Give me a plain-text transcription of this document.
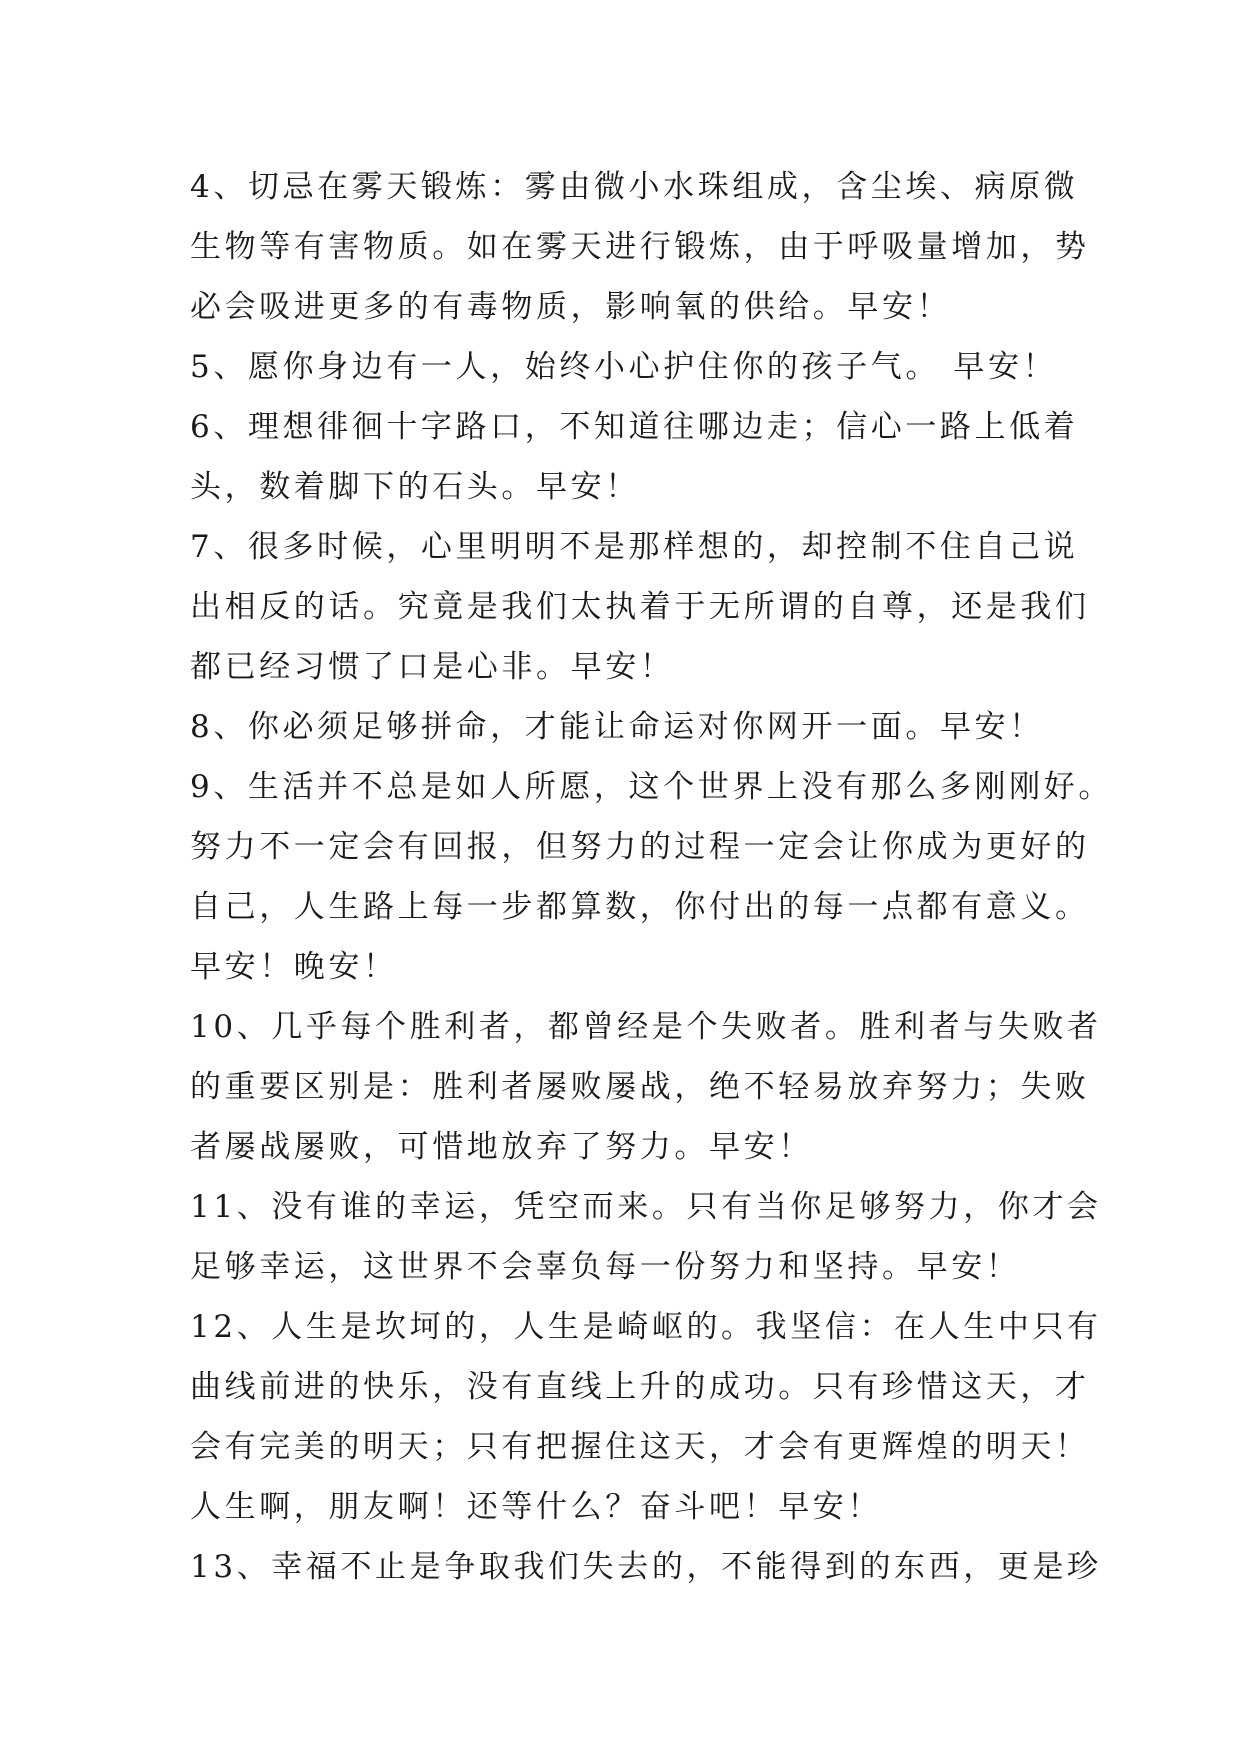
4、切忌在雾天锻炼：雾由微小水珠组成，含尘埃、病原微
生物等有害物质。如在雾天进行锻炼，由于呼吸量增加，势
必会吸进更多的有毒物质，影响氧的供给。早安！
5、愿你身边有一人，始终小心护住你的孩子气。 早安！
6、理想徘徊十字路口，不知道往哪边走；信心一路上低着
头，数着脚下的石头。早安！
7、很多时候，心里明明不是那样想的，却控制不住自己说
出相反的话。究竟是我们太执着于无所谓的自尊，还是我们
都已经习惯了口是心非。早安！
8、你必须足够拼命，才能让命运对你网开一面。早安！
9、生活并不总是如人所愿，这个世界上没有那么多刚刚好。
努力不一定会有回报，但努力的过程一定会让你成为更好的
自己，人生路上每一步都算数，你付出的每一点都有意义。
早安！晚安！
10、几乎每个胜利者，都曾经是个失败者。胜利者与失败者
的重要区别是：胜利者屡败屡战，绝不轻易放弃努力；失败
者屡战屡败，可惜地放弃了努力。早安！
11、没有谁的幸运，凭空而来。只有当你足够努力，你才会
足够幸运，这世界不会辜负每一份努力和坚持。早安！
12、人生是坎坷的，人生是崎岖的。我坚信：在人生中只有
曲线前进的快乐，没有直线上升的成功。只有珍惜这天，才
会有完美的明天；只有把握住这天，才会有更辉煌的明天！
人生啊，朋友啊！还等什么？奋斗吧！早安！
13、幸福不止是争取我们失去的，不能得到的东西，更是珍
